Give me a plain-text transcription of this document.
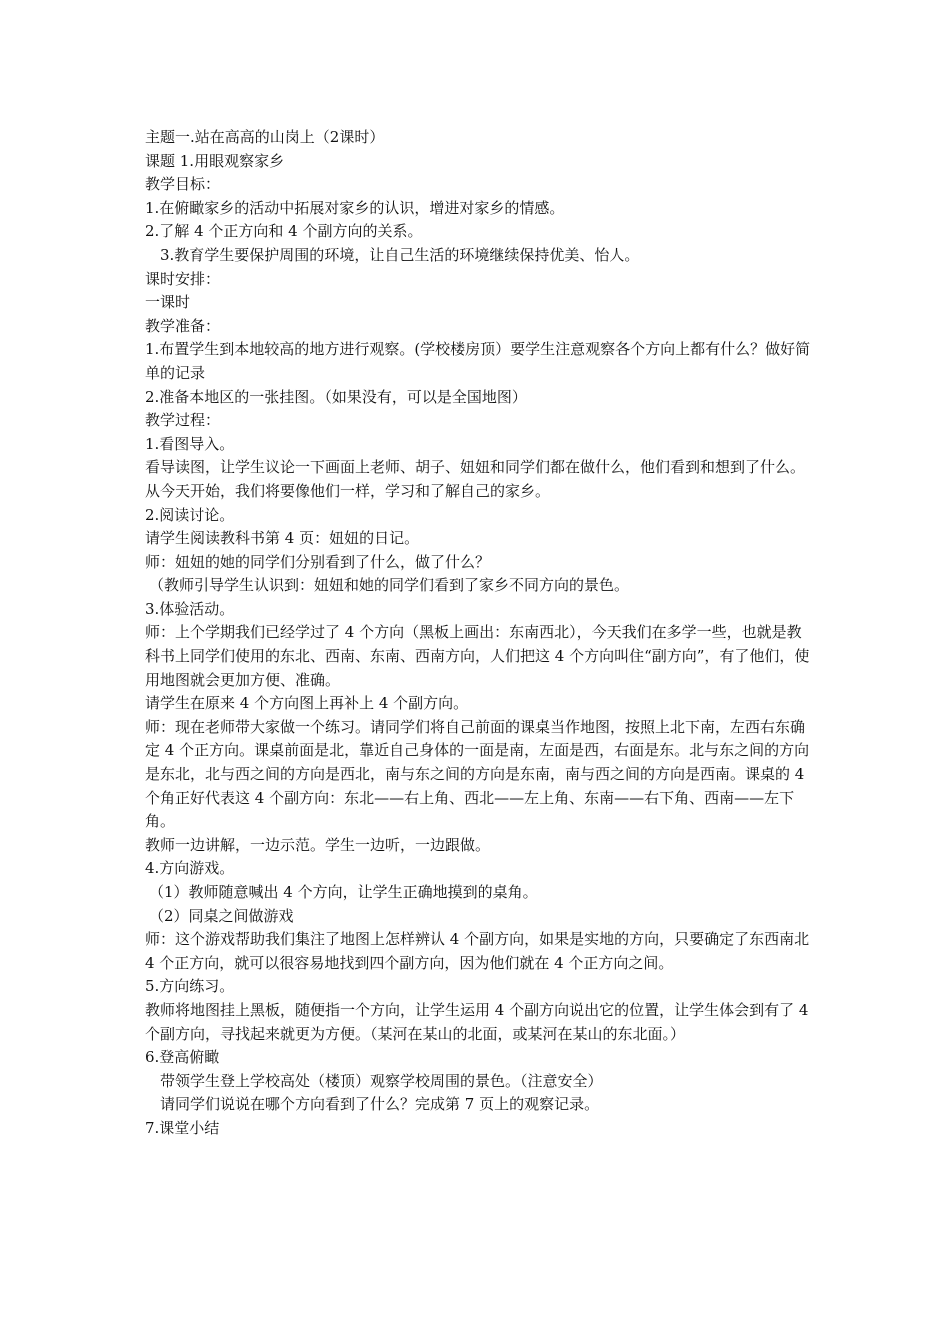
主题一.站在高高的山岗上（2课时）

课题 1.用眼观察家乡

教学目标：

1.在俯瞰家乡的活动中拓展对家乡的认识，增进对家乡的情感。

2.了解 4 个正方向和 4 个副方向的关系。

3.教育学生要保护周围的环境，让自己生活的环境继续保持优美、怡人。

课时安排：

一课时

教学准备：

1.布置学生到本地较高的地方进行观察。(学校楼房顶）要学生注意观察各个方向上都有什么？做好简单的记录

2.准备本地区的一张挂图。（如果没有，可以是全国地图）

教学过程：

1.看图导入。

看导读图，让学生议论一下画面上老师、胡子、妞妞和同学们都在做什么，他们看到和想到了什么。

从今天开始，我们将要像他们一样，学习和了解自己的家乡。

2.阅读讨论。

请学生阅读教科书第 4 页：妞妞的日记。

师：妞妞的她的同学们分别看到了什么，做了什么？

（教师引导学生认识到：妞妞和她的同学们看到了家乡不同方向的景色。

3.体验活动。

师：上个学期我们已经学过了 4 个方向（黑板上画出：东南西北），今天我们在多学一些，也就是教科书上同学们使用的东北、西南、东南、西南方向，人们把这 4 个方向叫住“副方向”，有了他们，使用地图就会更加方便、准确。

请学生在原来 4 个方向图上再补上 4 个副方向。

师：现在老师带大家做一个练习。请同学们将自己前面的课桌当作地图，按照上北下南，左西右东确定 4 个正方向。课桌前面是北，靠近自己身体的一面是南，左面是西，右面是东。北与东之间的方向是东北，北与西之间的方向是西北，南与东之间的方向是东南，南与西之间的方向是西南。课桌的 4 个角正好代表这 4 个副方向：东北——右上角、西北——左上角、东南——右下角、西南——左下角。

教师一边讲解，一边示范。学生一边听，一边跟做。

4.方向游戏。

（1）教师随意喊出 4 个方向，让学生正确地摸到的桌角。

（2）同桌之间做游戏

师：这个游戏帮助我们集注了地图上怎样辨认 4 个副方向，如果是实地的方向，只要确定了东西南北 4 个正方向，就可以很容易地找到四个副方向，因为他们就在 4 个正方向之间。

5.方向练习。

教师将地图挂上黑板，随便指一个方向，让学生运用 4 个副方向说出它的位置，让学生体会到有了 4 个副方向，寻找起来就更为方便。（某河在某山的北面，或某河在某山的东北面。）

6.登高俯瞰

带领学生登上学校高处（楼顶）观察学校周围的景色。（注意安全）

请同学们说说在哪个方向看到了什么？完成第 7 页上的观察记录。

7.课堂小结
